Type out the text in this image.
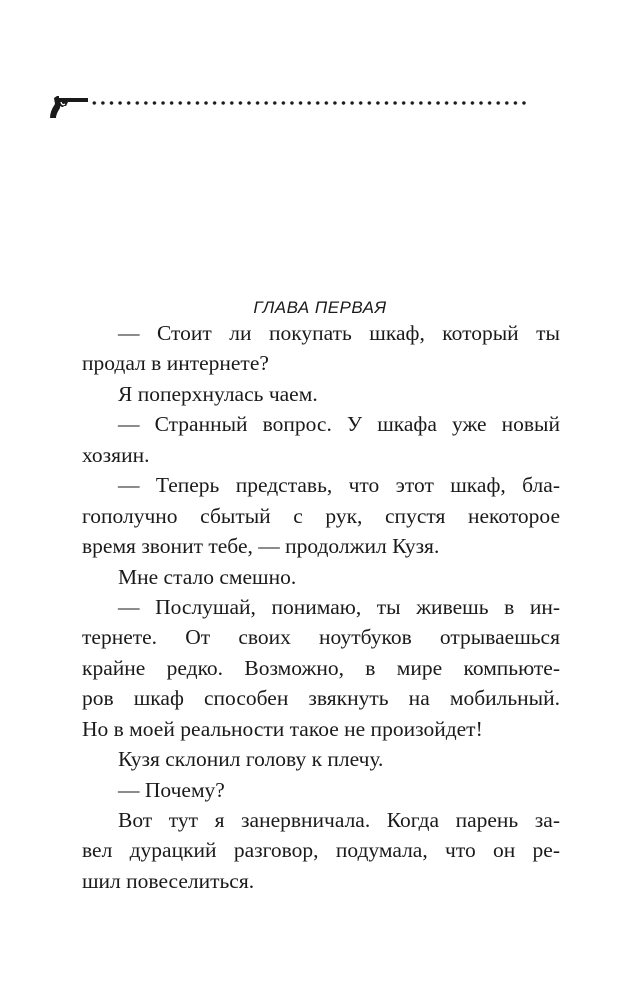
ГЛАВА ПЕРВАЯ
— Стоит ли покупать шкаф, который ты
продал в интернете?
Я поперхнулась чаем.
— Странный вопрос. У шкафа уже новый
хозяин.
— Теперь представь, что этот шкаф, бла-
гополучно сбытый с рук, спустя некоторое
время звонит тебе, — продолжил Кузя.
Мне стало смешно.
— Послушай, понимаю, ты живешь в ин-
тернете. От своих ноутбуков отрываешься
крайне редко. Возможно, в мире компьюте-
ров шкаф способен звякнуть на мобильный.
Но в моей реальности такое не произойдет!
Кузя склонил голову к плечу.
— Почему?
Вот тут я занервничала. Когда парень за-
вел дурацкий разговор, подумала, что он ре-
шил повеселиться.
